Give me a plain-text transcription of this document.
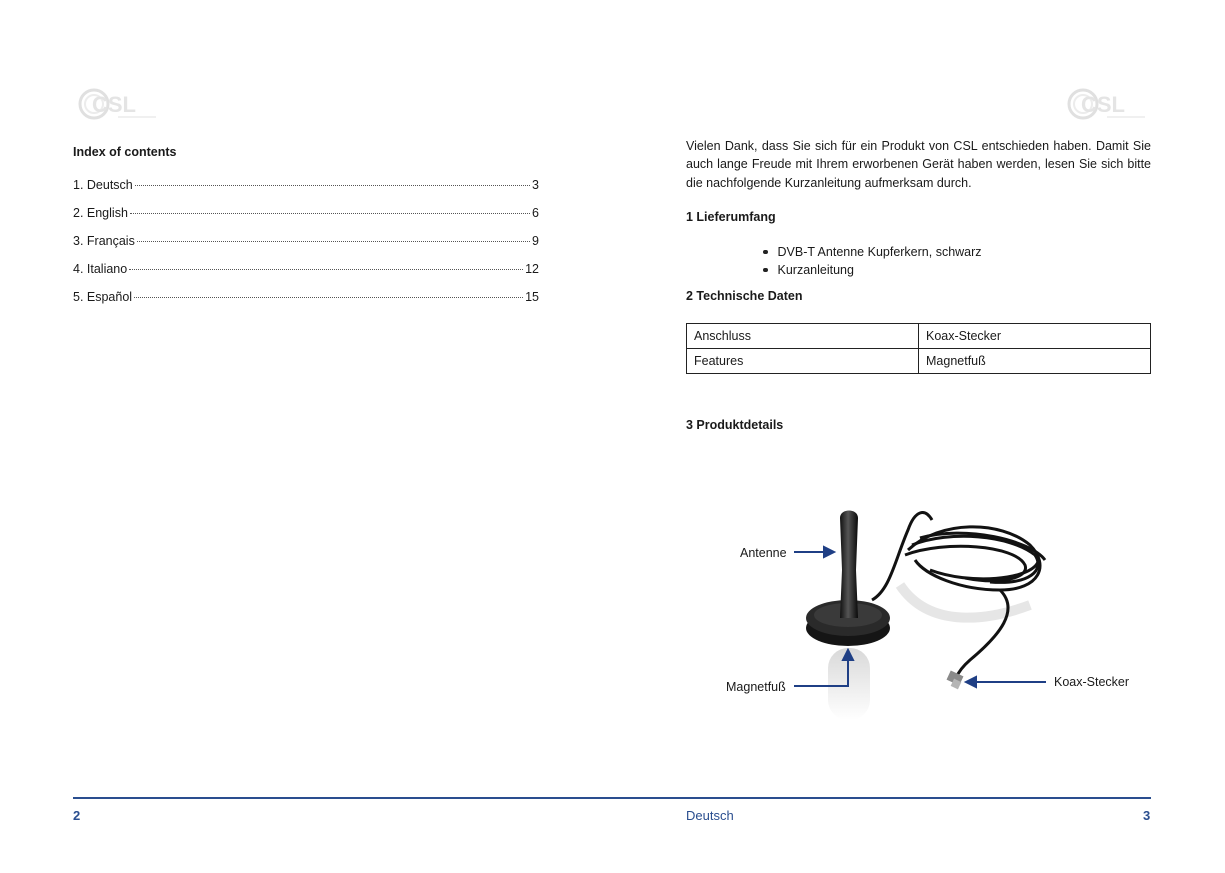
CSL	CSL
Index of contents
1. Deutsch	3
2. English	6
3. Français	9
4. Italiano	12
5. Español	15

Vielen Dank, dass Sie sich für ein Produkt von CSL entschieden haben. Damit Sie auch lange Freude mit Ihrem erworbenen Gerät haben werden, lesen Sie sich bitte die nachfolgende Kurzanleitung aufmerksam durch.

1 Lieferumfang
DVB-T Antenne Kupferkern, schwarz
Kurzanleitung
2 Technische Daten
Anschluss	Koax-Stecker
Features	Magnetfuß
3 Produktdetails
Antenne
Magnetfuß	Koax-Stecker
2	Deutsch	3
